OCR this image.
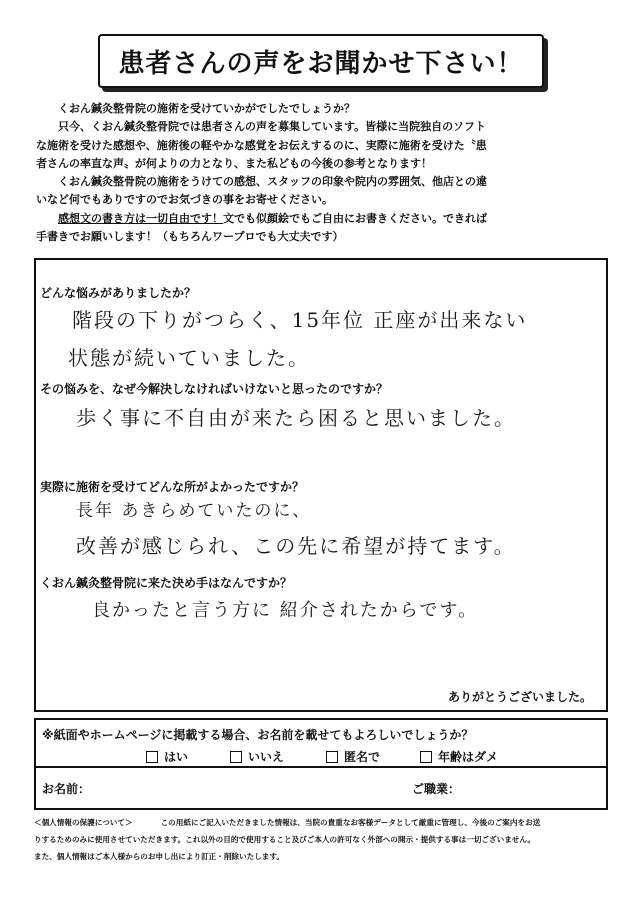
患者さんの声をお聞かせ下さい！

くおん鍼灸整骨院の施術を受けていかがでしたでしょうか？

只今、くおん鍼灸整骨院では患者さんの声を募集しています。皆様に当院独自のソフト

な施術を受けた感想や、施術後の軽やかな感覚をお伝えするのに、実際に施術を受けた〝患

者さんの率直な声〟が何よりの力となり、また私どもの今後の参考となります！

くおん鍼灸整骨院の施術をうけての感想、スタッフの印象や院内の雰囲気、他店との違

いなど何でもありですのでお気づきの事をお寄せください。

感想文の書き方は一切自由です！文でも似顔絵でもご自由にお書きください。できれば

手書きでお願いします！（もちろんワープロでも大丈夫です）

どんな悩みがありましたか？
階段の下りがつらく、15年位 正座が出来ない
状態が続いていました。
その悩みを、なぜ今解決しなければいけないと思ったのですか？
歩く事に不自由が来たら困ると思いました。
実際に施術を受けてどんな所がよかったですか？
長年 あきらめていたのに、
改善が感じられ、この先に希望が持てます。
くおん鍼灸整骨院に来た決め手はなんですか？
良かったと言う方に 紹介されたからです。
ありがとうございました。
※紙面やホームページに掲載する場合、お名前を載せてもよろしいでしょうか？
はい	いいえ	匿名で	年齢はダメ
お名前：	ご職業：

＜個人情報の保護について＞	この用紙にご記入いただきました情報は、当院の貴重なお客様データとして厳重に管理し、今後のご案内をお送

りするためのみに使用させていただきます。これ以外の目的で使用すること及びご本人の許可なく外部への開示・提供する事は一切ございません。

また、個人情報はご本人様からのお申し出により訂正・削除いたします。
